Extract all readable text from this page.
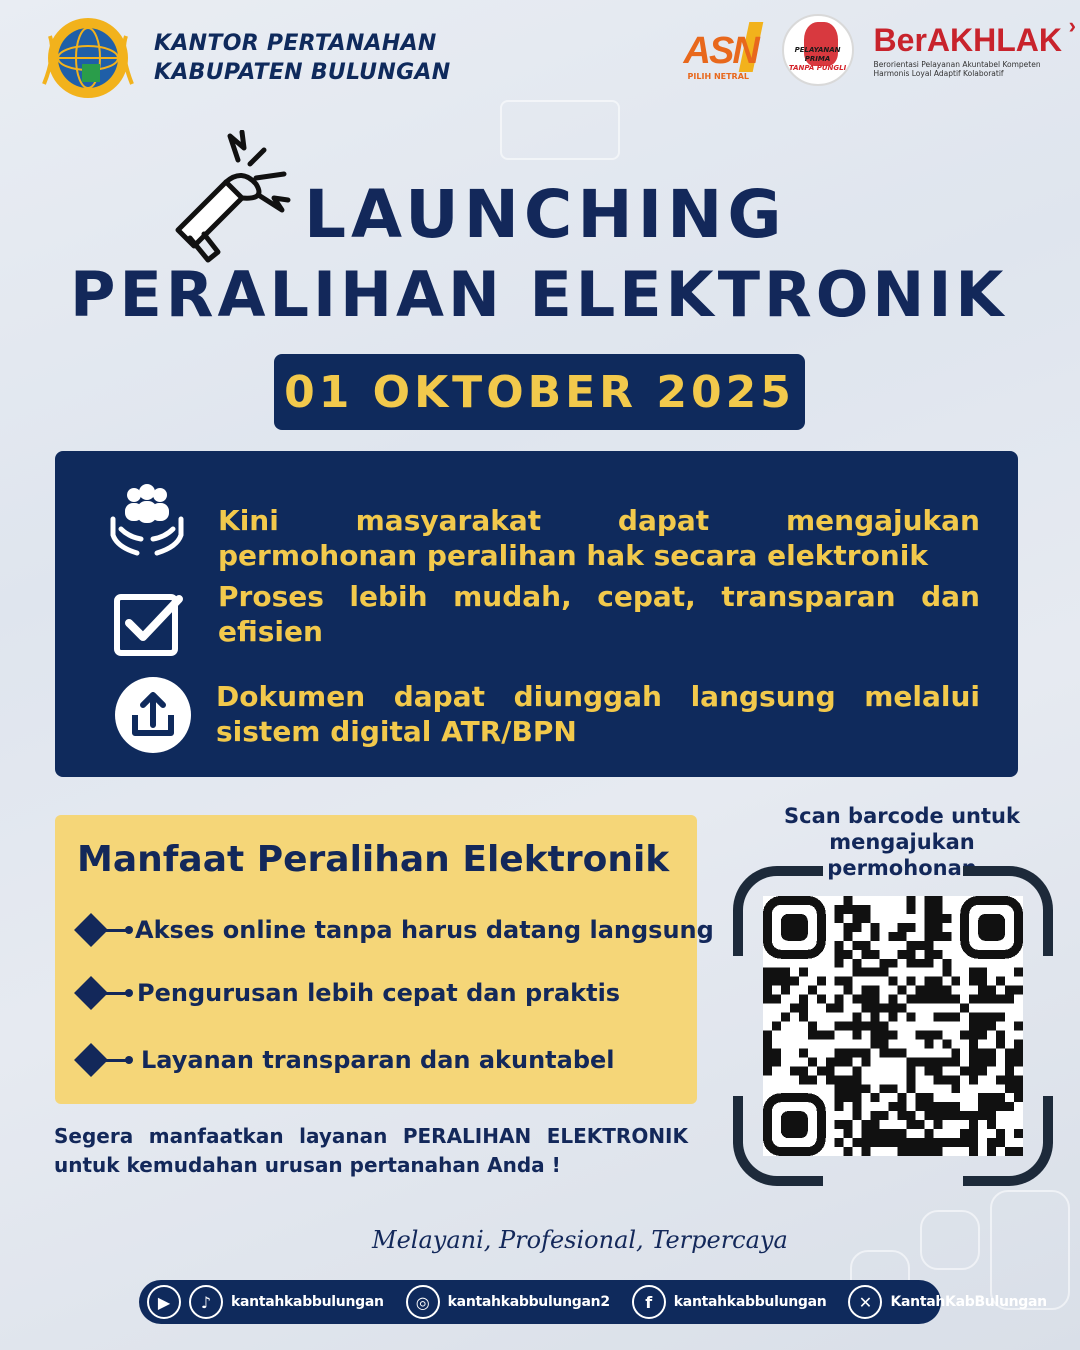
KANTOR PERTANAHAN
KABUPATEN BULUNGAN
ASN
PILIH NETRAL
PELAYANAN PRIMA
TANPA PUNGLI
BerAKHLAK ›
Berorientasi Pelayanan Akuntabel Kompeten Harmonis Loyal Adaptif Kolaboratif
LAUNCHING
PERALIHAN ELEKTRONIK
01 OKTOBER 2025
Kini masyarakat dapat mengajukan permohonan peralihan hak secara elektronik
Proses lebih mudah, cepat, transparan dan efisien
Dokumen dapat diunggah langsung melalui sistem digital ATR/BPN
Manfaat Peralihan Elektronik
Akses online tanpa harus datang langsung
Pengurusan lebih cepat dan praktis
Layanan transparan dan akuntabel
Segera manfaatkan layanan PERALIHAN ELEKTRONIK untuk kemudahan urusan pertanahan Anda !
Scan barcode untuk
mengajukan permohonan
Melayani, Profesional, Terpercaya
▶	♪	kantahkabbulungan	◎	kantahkabbulungan2	f	kantahkabbulungan	✕	KantahKabBulungan
